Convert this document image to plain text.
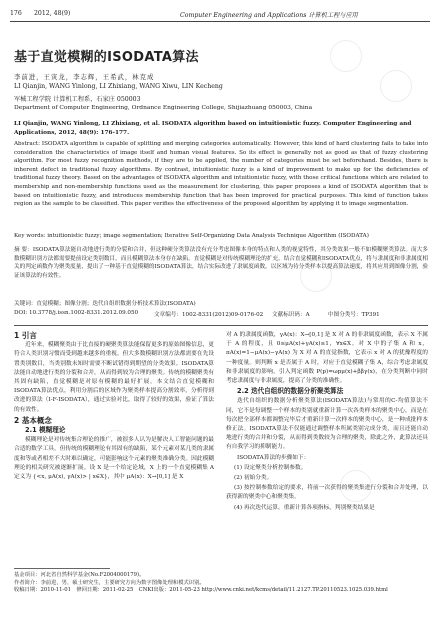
176 2012, 48(9)	Computer Engineering and Applications 计算机工程与应用
基于直觉模糊的ISODATA算法
李前进，王寅龙，李志辉，王希武，林克成
LI Qianjin, WANG Yinlong, LI Zhixiang, WANG Xiwu, LIN Kecheng
军械工程学院 计算机工程系，石家庄 050003
Department of Computer Engineering, Ordnance Engineering College, Shijiazhuang 050003, China
LI Qianjin, WANG Yinlong, LI Zhixiang, et al. ISODATA algorithm based on intuitionistic fuzzy. Computer Engineering and Applications, 2012, 48(9): 176-177.
Abstract: ISODATA algorithm is capable of splitting and merging categories automatically. However, this kind of hard clustering fails to take into consideration the characteristics of image itself and human visual features. So its effect is generally not as good as that of fuzzy clustering algorithm. For most fuzzy recognition methods, if they are to be applied, the number of categories must be set beforehand. Besides, there is inherent defect in traditional fuzzy algorithms. By contrast, intuitionistic fuzzy is a kind of improvement to make up for the deficiencies of traditional fuzzy theory. Based on the advantages of ISODATA algorithm and intuitionistic fuzzy, with those critical functions which are related to membership and non-membership functions used as the measurement for clustering, this paper proposes a kind of ISODATA algorithm that is based on intuitionistic fuzzy, and introduces membership function that has been improved for practical purposes. This kind of function takes region as the sample to be classified. This paper verifies the effectiveness of the proposed algorithm by applying it to image segmentation.
Key words: intuitionistic fuzzy; image segmentation; Iterative Self-Organizing Data Analysis Technique Algorithm (ISODATA)
摘 要：ISODATA算法能自动地进行类的分裂和合并，但这种硬分类算法没有充分考虑图像本身的特点和人类的视觉特性，其分类效果一般不如模糊聚类算法。而大多数模糊识别方法都需要提前设定类别数目，而且模糊算法本身存在缺陷。直觉模糊是对传统模糊理论的扩充。结合直觉模糊和ISODATA优点，将与隶属度和非隶属度相关的判定函数作为聚类度量，提出了一种基于直觉模糊的ISODATA算法，结合实际改进了隶属度函数，以区域为待分类样本以提高算法速度，将其应用到图像分割，验证该算法的有效性。
关键词：直觉模糊；图像分割；迭代自组织数据分析技术算法(ISODATA)
DOI: 10.3778/j.issn.1002-8331.2012.09.050	文章编号：1002-8331(2012)09-0176-02 文献标识码：A	中图分类号：TP391

1 引言

近年来，模糊聚类由于比直接的硬聚类算法能保留更多的原始图像信息，更符合人类识别习惯而受到越来越多的重视。但大多数模糊识别方法都需要在先设置类别数目，当类别数未知时需要不断试错得到期望的分类效果。ISODATA算法能自动地进行类的分裂和合并，从而得到较为合理的聚类。传统的模糊聚类有其固有缺陷，直觉模糊是对原有模糊的最好扩展。本文结合直觉模糊和ISODATA算法优点，利用分割后的区域作为聚类样本提高分割效率，分析得到改进的算法（I-F-ISODATA），通过实验对比，取得了较好的效果，验证了算法的有效性。

2 基本概念

2.1 模糊理论

模糊理论是对传统集合理论的推广，被很多人认为是解决人工智能问题的最合适的数学工具。但传统的模糊理论有其固有的缺陷，某个元素对某几类的隶属度和等或者相差不大时难以确定，可能影响这个元素的聚类准确分类。因此模糊理论的相关研究被逐渐扩展。设 X 是一个给定论域，X 上的一个直觉模糊集 A 定义为 {<x, μA(x), γA(x)> | x∈X}，其中 μA(x)：X→[0,1] 是 X

对 A 的隶属度函数，γA(x)：X→[0,1] 是 X 对 A 的非隶属度函数，表示 X 不属于 A 的程度，且 0≤μA(x)+γA(x)≤1，∀x∈X。对 X 中的子集 A 和 x，πA(x)=1−μA(x)−γA(x) 为 X 对 A 的直觉指数，它表示 x 对 A 的犹豫程度的一种度量。则判断 x 是否属于 A 时，对应于直觉模糊子集 A，综合考虑隶属度和非隶属度的影响，引入判定函数 P(p)=ωpμ(x)+ββγ(x)，在分类判断中同时考虑隶属度与非隶属度，提高了分类的准确性。

2.2 迭代自组织的数据分析聚类算法

迭代自组织的数据分析聚类算法(ISODATA算法)与常用的C-均值算法不同，它不是每调整一个样本的类别就重新计算一次各类样本的聚类中心，而是在每次把全部样本都调整完毕后才重新计算一次样本的聚类中心，是一种成批样本修正法。ISODATA算法不仅能通过调整样本所属类别完成分类，而且还能自动地进行类的合并和分裂，从而得到类数较为合理的聚类，除此之外，此算法还具有自我学习的抑制能力。

ISODATA算法的步骤如下：

(1) 设定聚类分析控制参数。

(2) 初始分类。

(3) 按控制参数给定的要求，将前一次获得的聚类集进行分裂和合并处理，以获得新的聚类中心和聚类集。

(4) 再次迭代运算，重新计算各项指标，判别聚类结果是

基金项目：河北省自然科学基金(No.F2004000179)。
作者简介：李前进，男，硕士研究生，主要研究方向为数字图像处理和模式识别。
收稿日期：2010-11-01　修回日期：2011-02-25　CNKI出版：2011-05-23 http://www.cnki.net/kcms/detail/11.2127.TP.20110523.1025.039.html
